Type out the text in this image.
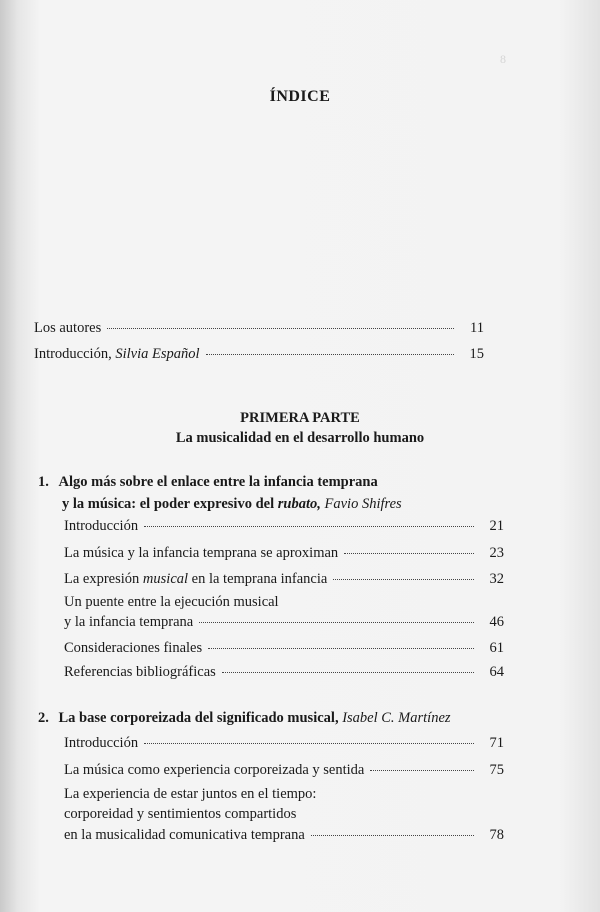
8
ÍNDICE
Los autores	11
Introducción, Silvia Español	15
PRIMERA PARTE
La musicalidad en el desarrollo humano
1. Algo más sobre el enlace entre la infancia temprana
y la música: el poder expresivo del rubato, Favio Shifres
Introducción	21
La música y la infancia temprana se aproximan	23
La expresión musical en la temprana infancia	32
Un puente entre la ejecución musical
y la infancia temprana	46
Consideraciones finales	61
Referencias bibliográficas	64
2. La base corporeizada del significado musical, Isabel C. Martínez
Introducción	71
La música como experiencia corporeizada y sentida	75
La experiencia de estar juntos en el tiempo:
corporeidad y sentimientos compartidos
en la musicalidad comunicativa temprana	78
